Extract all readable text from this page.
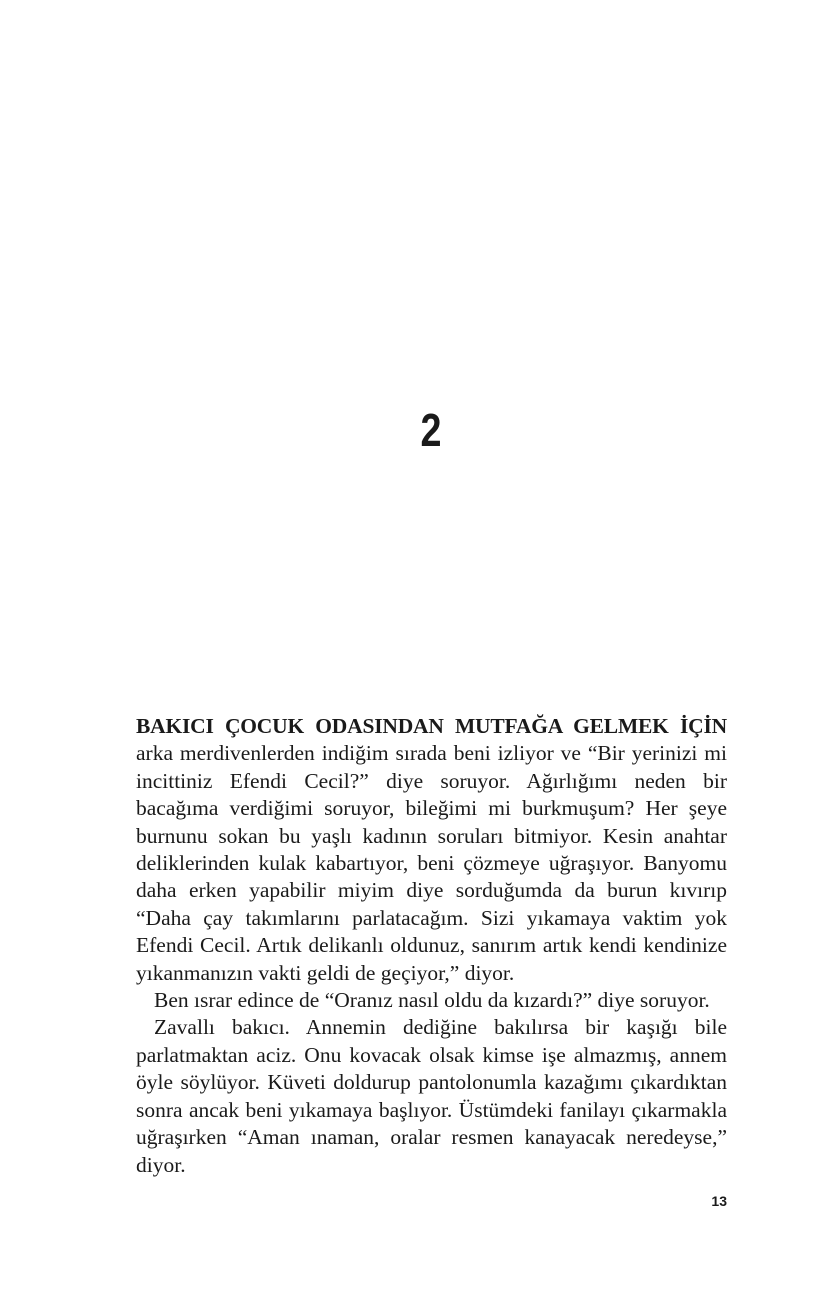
2

BAKICI ÇOCUK ODASINDAN MUTFAĞA GELMEK İÇİN arka merdivenlerden indiğim sırada beni izliyor ve “Bir yerinizi mi incittiniz Efendi Cecil?” diye soruyor. Ağırlığımı neden bir bacağıma verdiğimi soruyor, bileğimi mi burkmuşum? Her şeye burnunu sokan bu yaşlı kadının soruları bitmiyor. Kesin anahtar deliklerinden kulak kabartıyor, beni çözmeye uğraşıyor. Banyomu daha erken yapabilir miyim diye sorduğumda da burun kıvırıp “Daha çay takımlarını parlatacağım. Sizi yıkamaya vaktim yok Efendi Cecil. Artık delikanlı oldunuz, sanırım artık kendi kendinize yıkanmanızın vakti geldi de geçiyor,” diyor.

Ben ısrar edince de “Oranız nasıl oldu da kızardı?” diye soruyor.

Zavallı bakıcı. Annemin dediğine bakılırsa bir kaşığı bile parlatmaktan aciz. Onu kovacak olsak kimse işe almazmış, annem öyle söylüyor. Küveti doldurup pantolonumla kazağımı çıkardıktan sonra ancak beni yıkamaya başlıyor. Üstümdeki fanilayı çıkarmakla uğraşırken “Aman ınaman, oralar resmen kanayacak neredeyse,” diyor.

13
